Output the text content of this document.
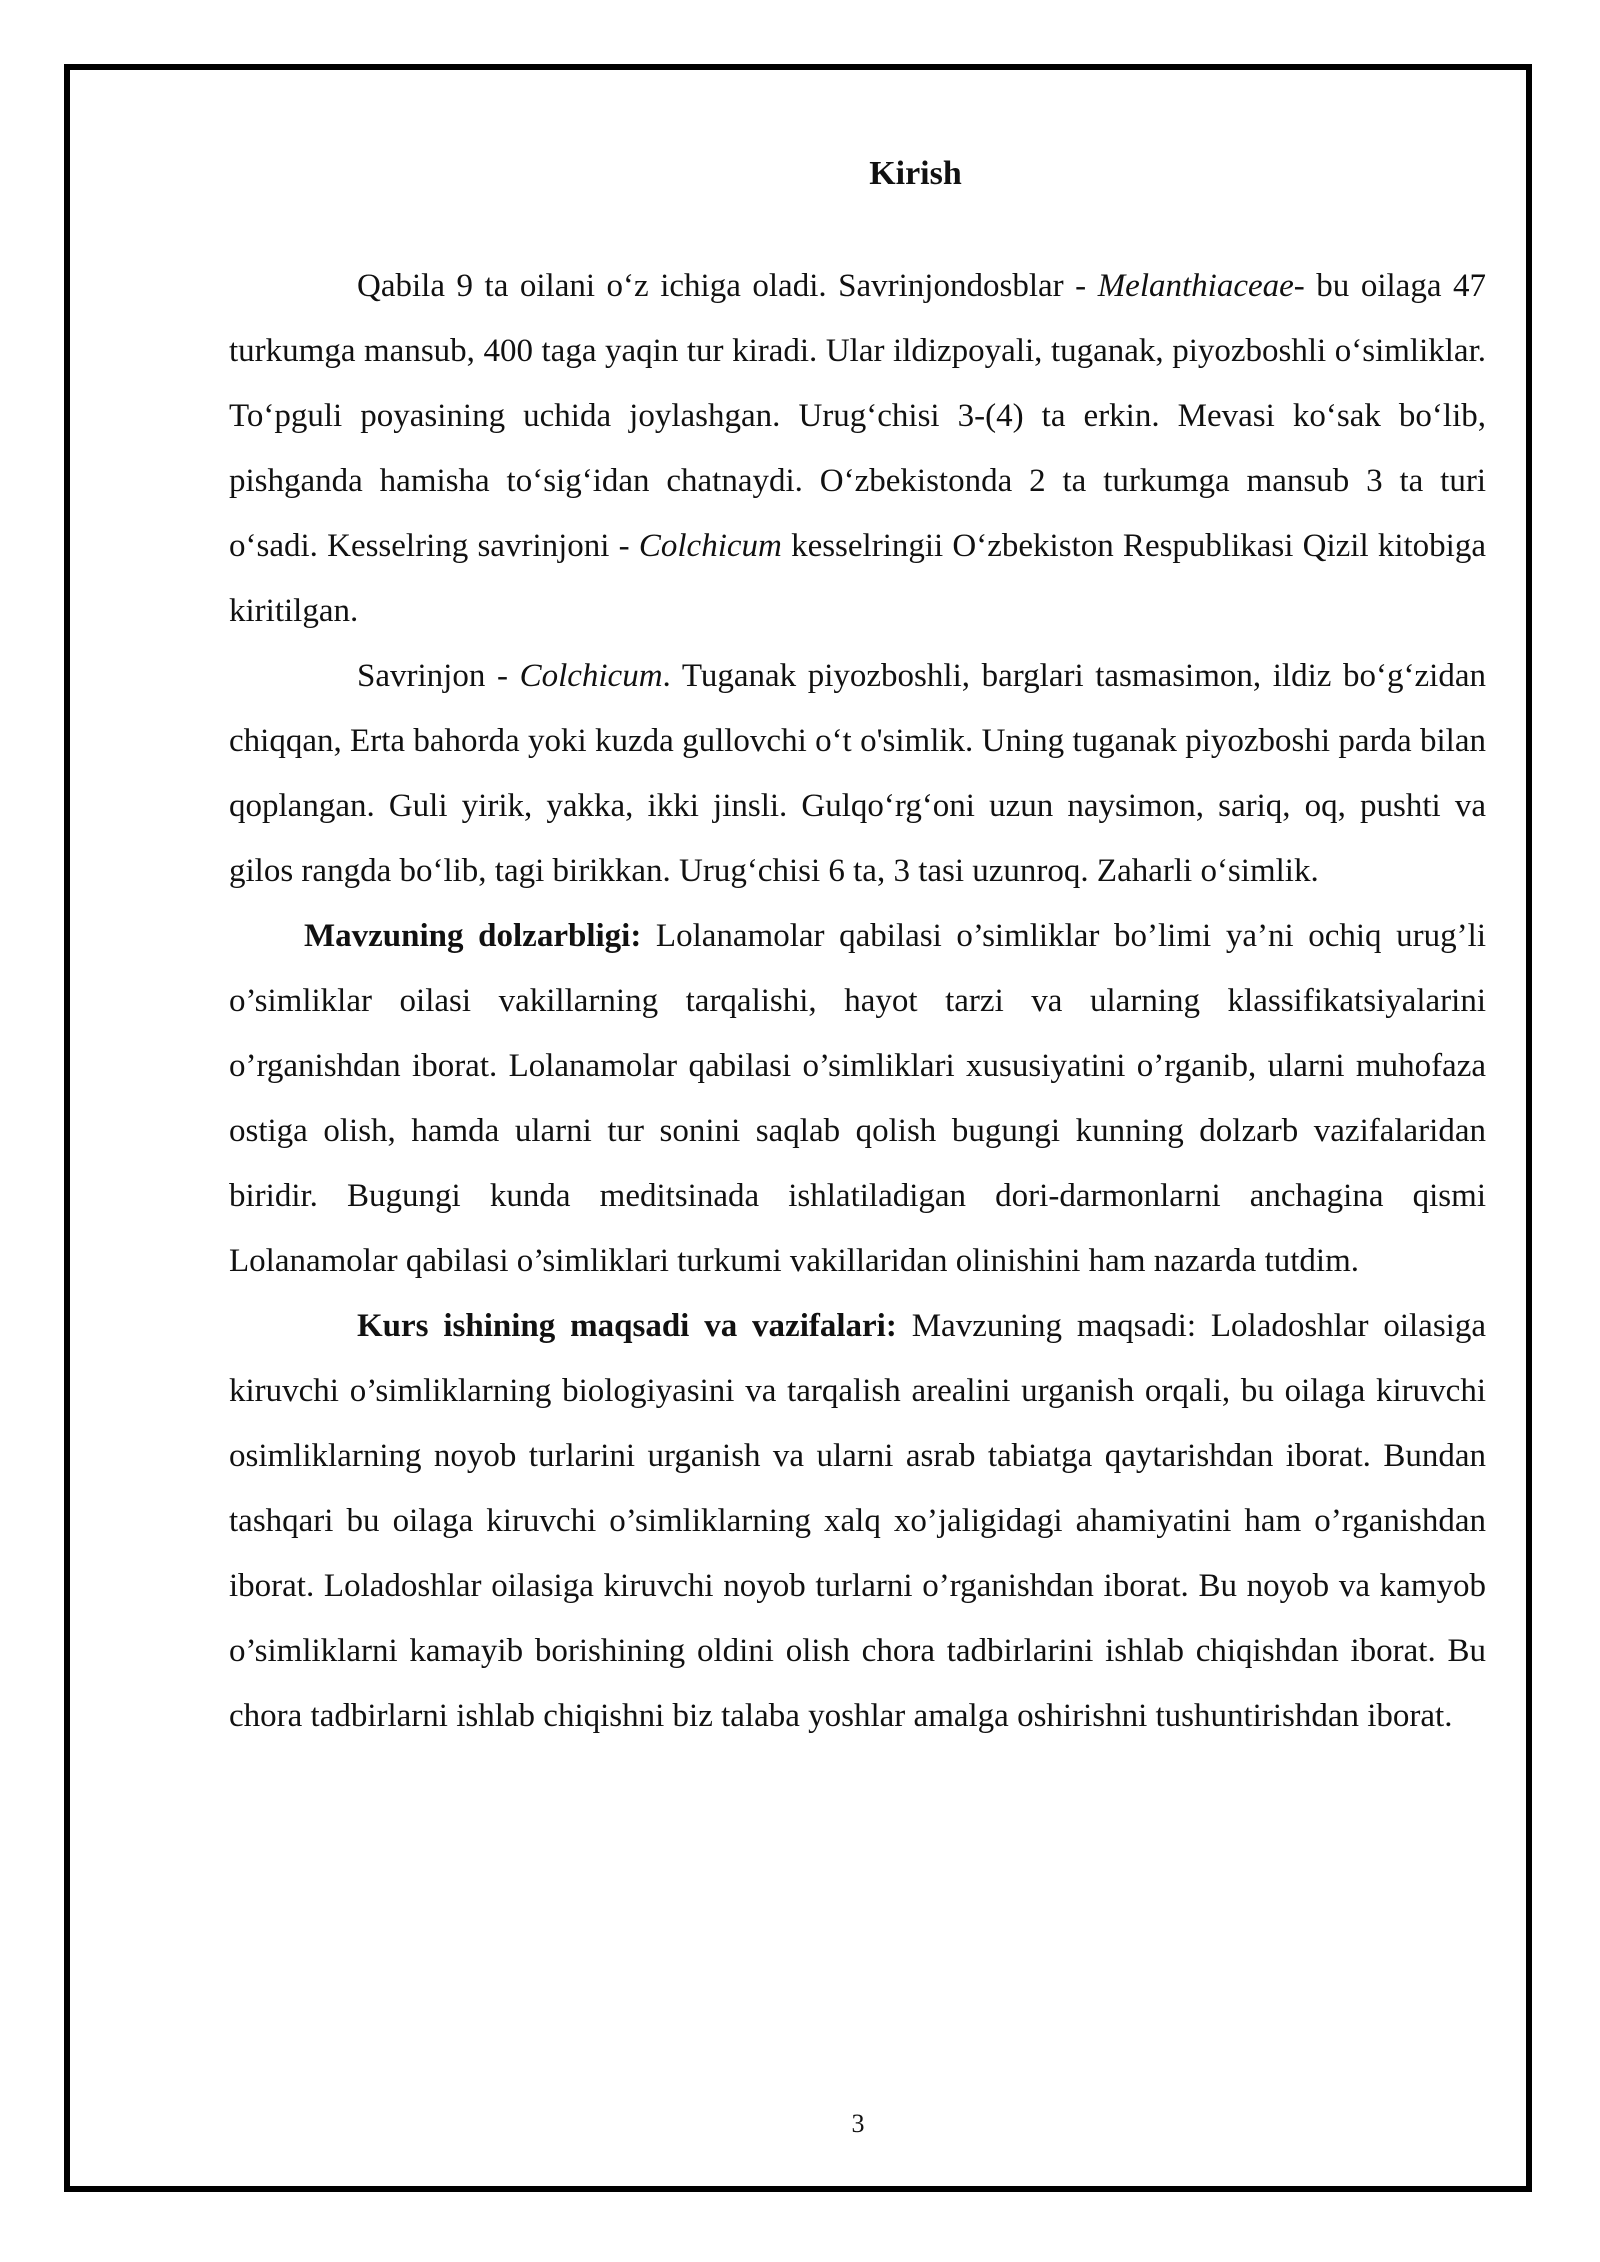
Kirish

Qabila 9 ta oilani o‘z ichiga oladi. Savrinjondosblar - Melanthiaceae- bu oilaga 47 turkumga mansub, 400 taga yaqin tur kiradi. Ular ildizpoyali, tuganak, piyozboshli o‘simliklar. To‘pguli poyasining uchida joylashgan. Urug‘chisi 3-(4) ta erkin. Mevasi ko‘sak bo‘lib, pishganda hamisha to‘sig‘idan chatnaydi. O‘zbekistonda 2 ta turkumga mansub 3 ta turi o‘sadi. Kesselring savrinjoni - Colchicum kesselringii O‘zbekiston Respublikasi Qizil kitobiga kiritilgan.

Savrinjon - Colchicum. Tuganak piyozboshli, barglari tasmasimon, ildiz bo‘g‘zidan chiqqan, Erta bahorda yoki kuzda gullovchi o‘t o'simlik. Uning tuganak piyozboshi parda bilan qoplangan. Guli yirik, yakka, ikki jinsli. Gulqo‘rg‘oni uzun naysimon, sariq, oq, pushti va gilos rangda bo‘lib, tagi birikkan. Urug‘chisi 6 ta, 3 tasi uzunroq. Zaharli o‘simlik.

Mavzuning dolzarbligi: Lolanamolar qabilasi o’simliklar bo’limi ya’ni ochiq urug’li o’simliklar oilasi vakillarning tarqalishi, hayot tarzi va ularning klassifikatsiyalarini o’rganishdan iborat. Lolanamolar qabilasi o’simliklari xususiyatini o’rganib, ularni muhofaza ostiga olish, hamda ularni tur sonini saqlab qolish bugungi kunning dolzarb vazifalaridan biridir. Bugungi kunda meditsinada ishlatiladigan dori-darmonlarni anchagina qismi Lolanamolar qabilasi o’simliklari turkumi vakillaridan olinishini ham nazarda tutdim.

Kurs ishining maqsadi va vazifalari: Mavzuning maqsadi: Loladoshlar oilasiga kiruvchi o’simliklarning biologiyasini va tarqalish arealini urganish orqali, bu oilaga kiruvchi osimliklarning noyob turlarini urganish va ularni asrab tabiatga qaytarishdan iborat. Bundan tashqari bu oilaga kiruvchi o’simliklarning xalq xo’jaligidagi ahamiyatini ham o’rganishdan iborat. Loladoshlar oilasiga kiruvchi noyob turlarni o’rganishdan iborat. Bu noyob va kamyob o’simliklarni kamayib borishining oldini olish chora tadbirlarini ishlab chiqishdan iborat. Bu chora tadbirlarni ishlab chiqishni biz talaba yoshlar amalga oshirishni tushuntirishdan iborat.

3
